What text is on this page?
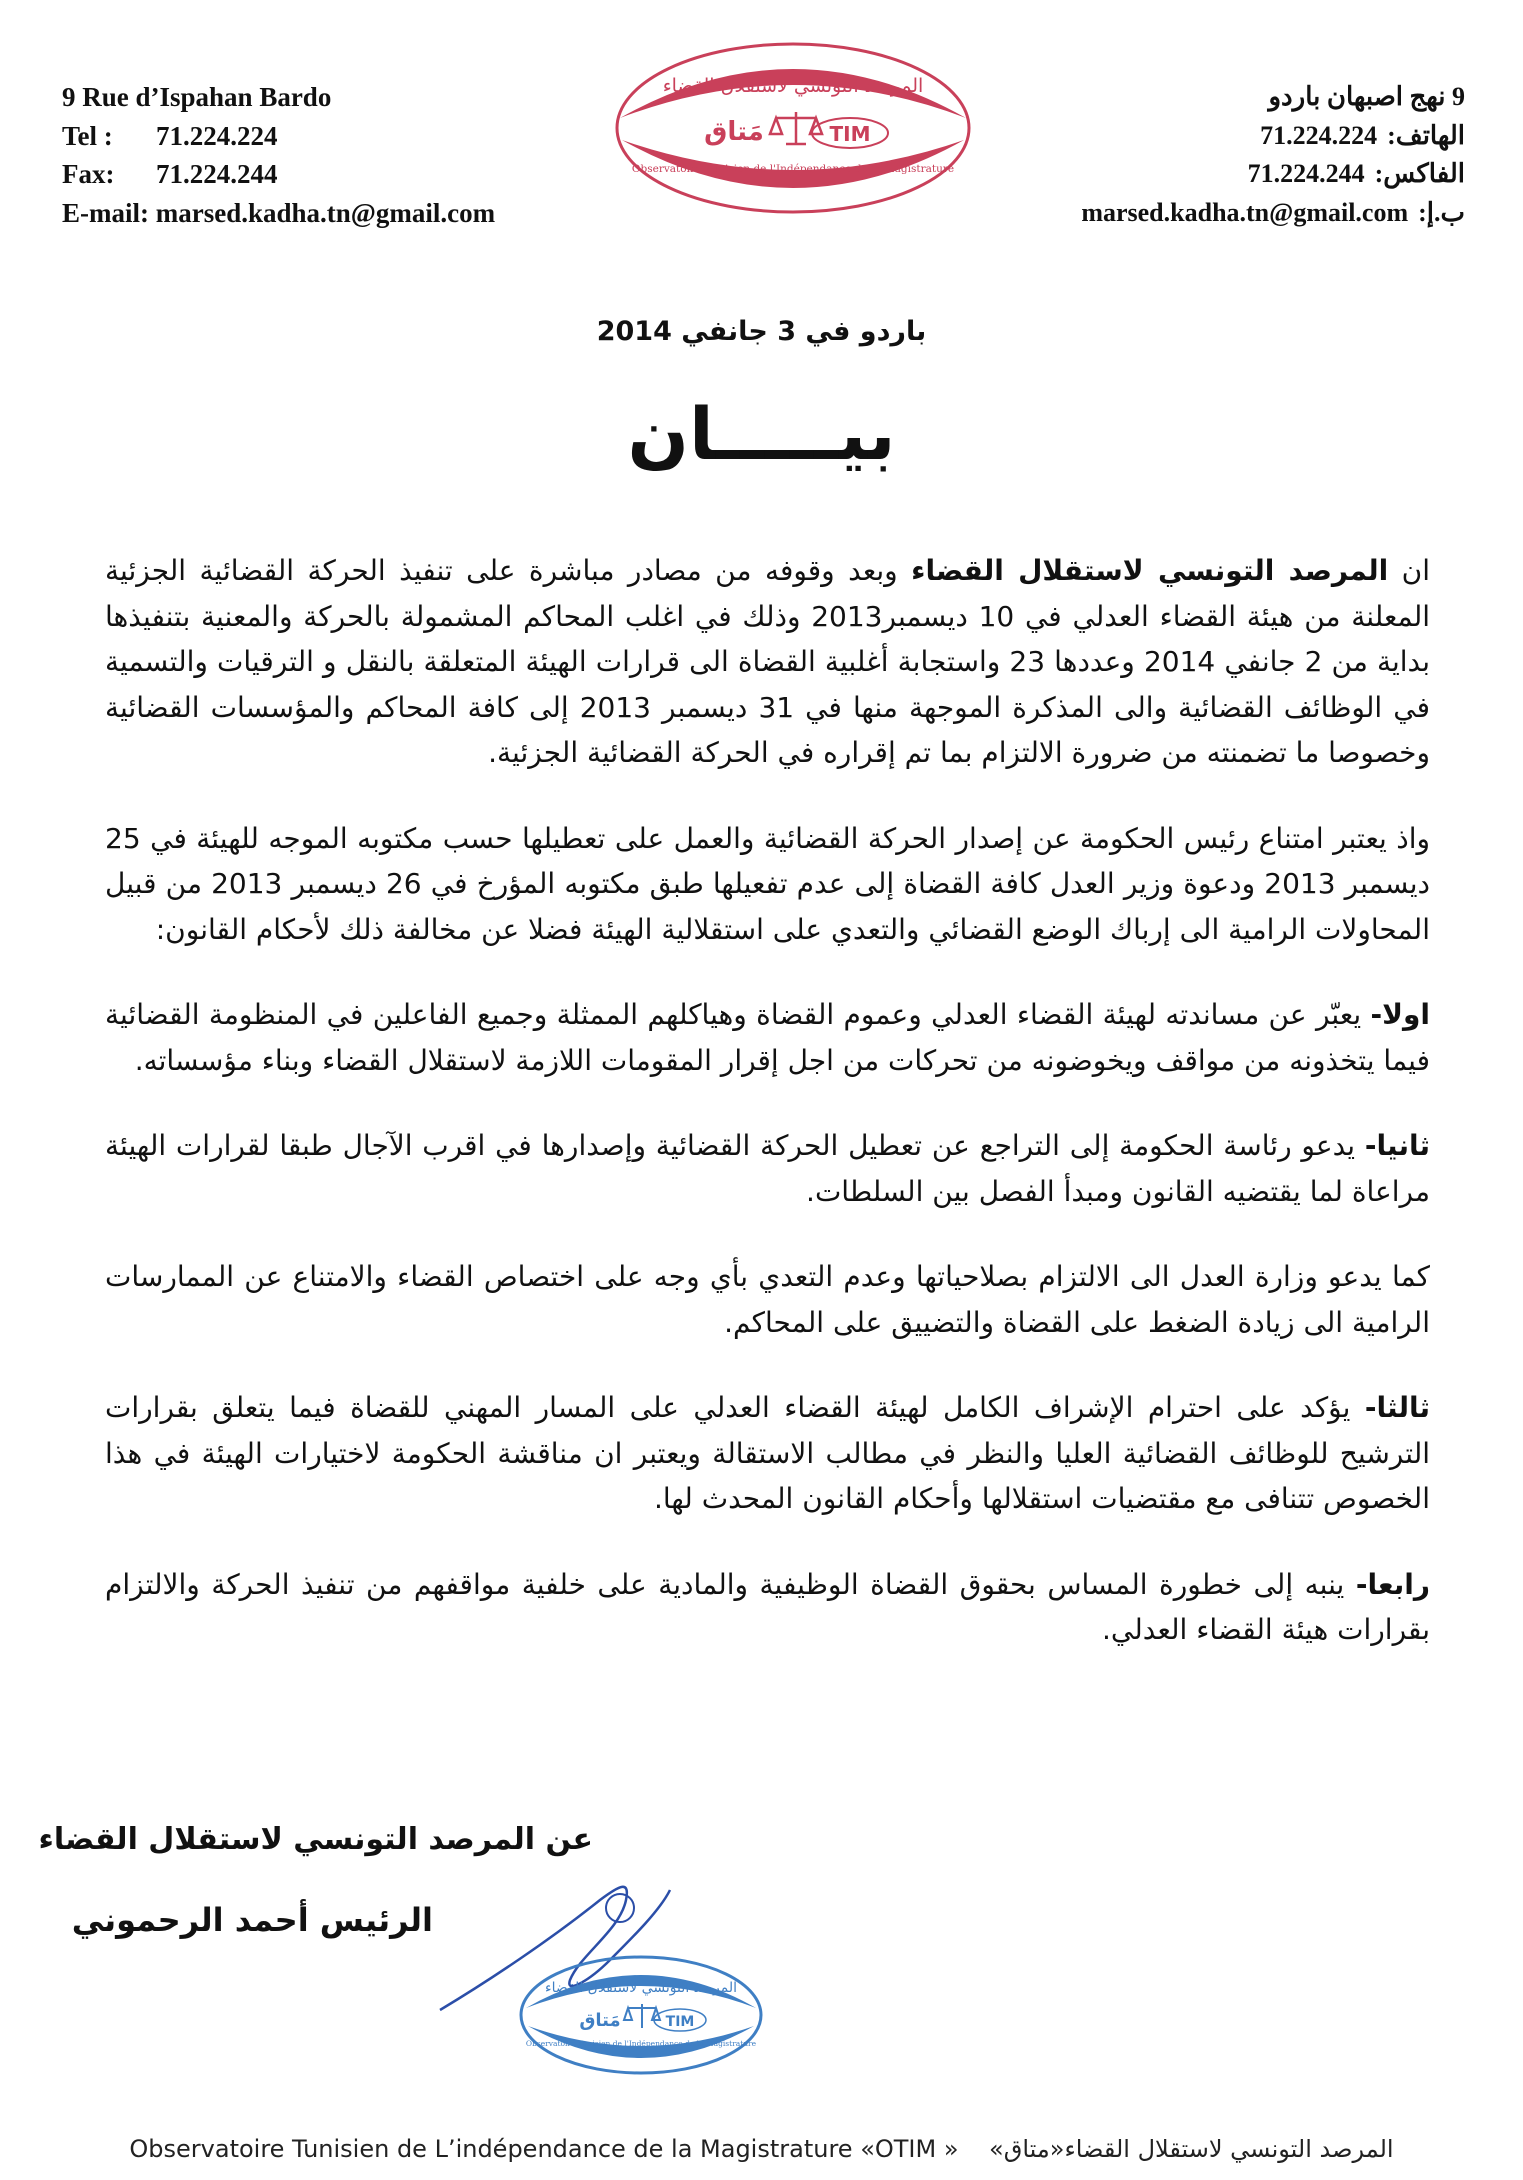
9 Rue d’Ispahan Bardo
Tel : 71.224.224
Fax: 71.224.244
E-mail: marsed.kadha.tn@gmail.com
9 نهج اصبهان باردو
الهاتف:71.224.224
الفاكس:71.224.244
ب.إ:marsed.kadha.tn@gmail.com
المرصد التونسي لاستقلال القضاء
مَتاق	TIM
Observatoire Tunisien de l'Indépendance de la Magistrature
باردو في 3 جانفي 2014
بيـــــان

ان المرصد التونسي لاستقلال القضاء وبعد وقوفه من مصادر مباشرة على تنفيذ الحركة القضائية الجزئية المعلنة من هيئة القضاء العدلي في 10 ديسمبر2013 وذلك في اغلب المحاكم المشمولة بالحركة والمعنية بتنفيذها بداية من 2 جانفي 2014 وعددها 23 واستجابة أغلبية القضاة الى قرارات الهيئة المتعلقة بالنقل و الترقيات والتسمية في الوظائف القضائية والى المذكرة الموجهة منها في 31 ديسمبر 2013 إلى كافة المحاكم والمؤسسات القضائية وخصوصا ما تضمنته من ضرورة الالتزام بما تم إقراره في الحركة القضائية الجزئية.

واذ يعتبر امتناع رئيس الحكومة عن إصدار الحركة القضائية والعمل على تعطيلها حسب مكتوبه الموجه للهيئة في 25 ديسمبر 2013 ودعوة وزير العدل كافة القضاة إلى عدم تفعيلها طبق مكتوبه المؤرخ في 26 ديسمبر 2013 من قبيل المحاولات الرامية الى إرباك الوضع القضائي والتعدي على استقلالية الهيئة فضلا عن مخالفة ذلك لأحكام القانون:

اولا- يعبّر عن مساندته لهيئة القضاء العدلي وعموم القضاة وهياكلهم الممثلة وجميع الفاعلين في المنظومة القضائية فيما يتخذونه من مواقف ويخوضونه من تحركات من اجل إقرار المقومات اللازمة لاستقلال القضاء وبناء مؤسساته.

ثانيا- يدعو رئاسة الحكومة إلى التراجع عن تعطيل الحركة القضائية وإصدارها في اقرب الآجال طبقا لقرارات الهيئة مراعاة لما يقتضيه القانون ومبدأ الفصل بين السلطات.

كما يدعو وزارة العدل الى الالتزام بصلاحياتها وعدم التعدي بأي وجه على اختصاص القضاء والامتناع عن الممارسات الرامية الى زيادة الضغط على القضاة والتضييق على المحاكم.

ثالثا- يؤكد على احترام الإشراف الكامل لهيئة القضاء العدلي على المسار المهني للقضاة فيما يتعلق بقرارات الترشيح للوظائف القضائية العليا والنظر في مطالب الاستقالة ويعتبر ان مناقشة الحكومة لاختيارات الهيئة في هذا الخصوص تتنافى مع مقتضيات استقلالها وأحكام القانون المحدث لها.

رابعا- ينبه إلى خطورة المساس بحقوق القضاة الوظيفية والمادية على خلفية مواقفهم من تنفيذ الحركة والالتزام بقرارات هيئة القضاء العدلي.

عن المرصد التونسي لاستقلال القضاء
الرئيس أحمد الرحموني
المرصد التونسي لاستقلال القضاء
مَتاق	TIM
Observatoire Tunisien de l'Indépendance de la Magistrature
Observatoire Tunisien de L’indépendance de la Magistrature «OTIM » المرصد التونسي لاستقلال القضاء«متاق»
